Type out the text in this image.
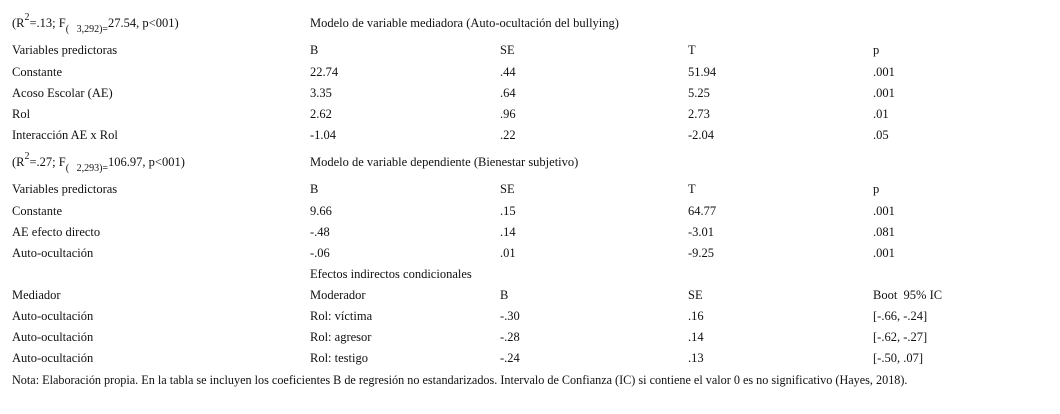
($R^2=.13$; $F_{( 3,292)=}27.54$, p<001)	Modelo de variable mediadora (Auto-ocultación del bullying)
Variables predictoras	B	SE	T	p
Constante	22.74	.44	51.94	.001
Acoso Escolar (AE)	3.35	.64	5.25	.001
Rol	2.62	.96	2.73	.01
Interacción AE x Rol	-1.04	.22	-2.04	.05
($R^2=.27$; $F_{( 2,293)=}106.97$, p<001)	Modelo de variable dependiente (Bienestar subjetivo)
Variables predictoras	B	SE	T	p
Constante	9.66	.15	64.77	.001
AE efecto directo	-.48	.14	-3.01	.081
Auto-ocultación	-.06	.01	-9.25	.001
Efectos indirectos condicionales
Mediador	Moderador	B	SE	Boot  95% IC
Auto-ocultación	Rol: víctima	-.30	.16	[-.66, -.24]
Auto-ocultación	Rol: agresor	-.28	.14	[-.62, -.27]
Auto-ocultación	Rol: testigo	-.24	.13	[-.50, .07]
Nota: Elaboración propia. En la tabla se incluyen los coeficientes B de regresión no estandarizados. Intervalo de Confianza (IC) si contiene el valor 0 es no significativo (Hayes, 2018).
